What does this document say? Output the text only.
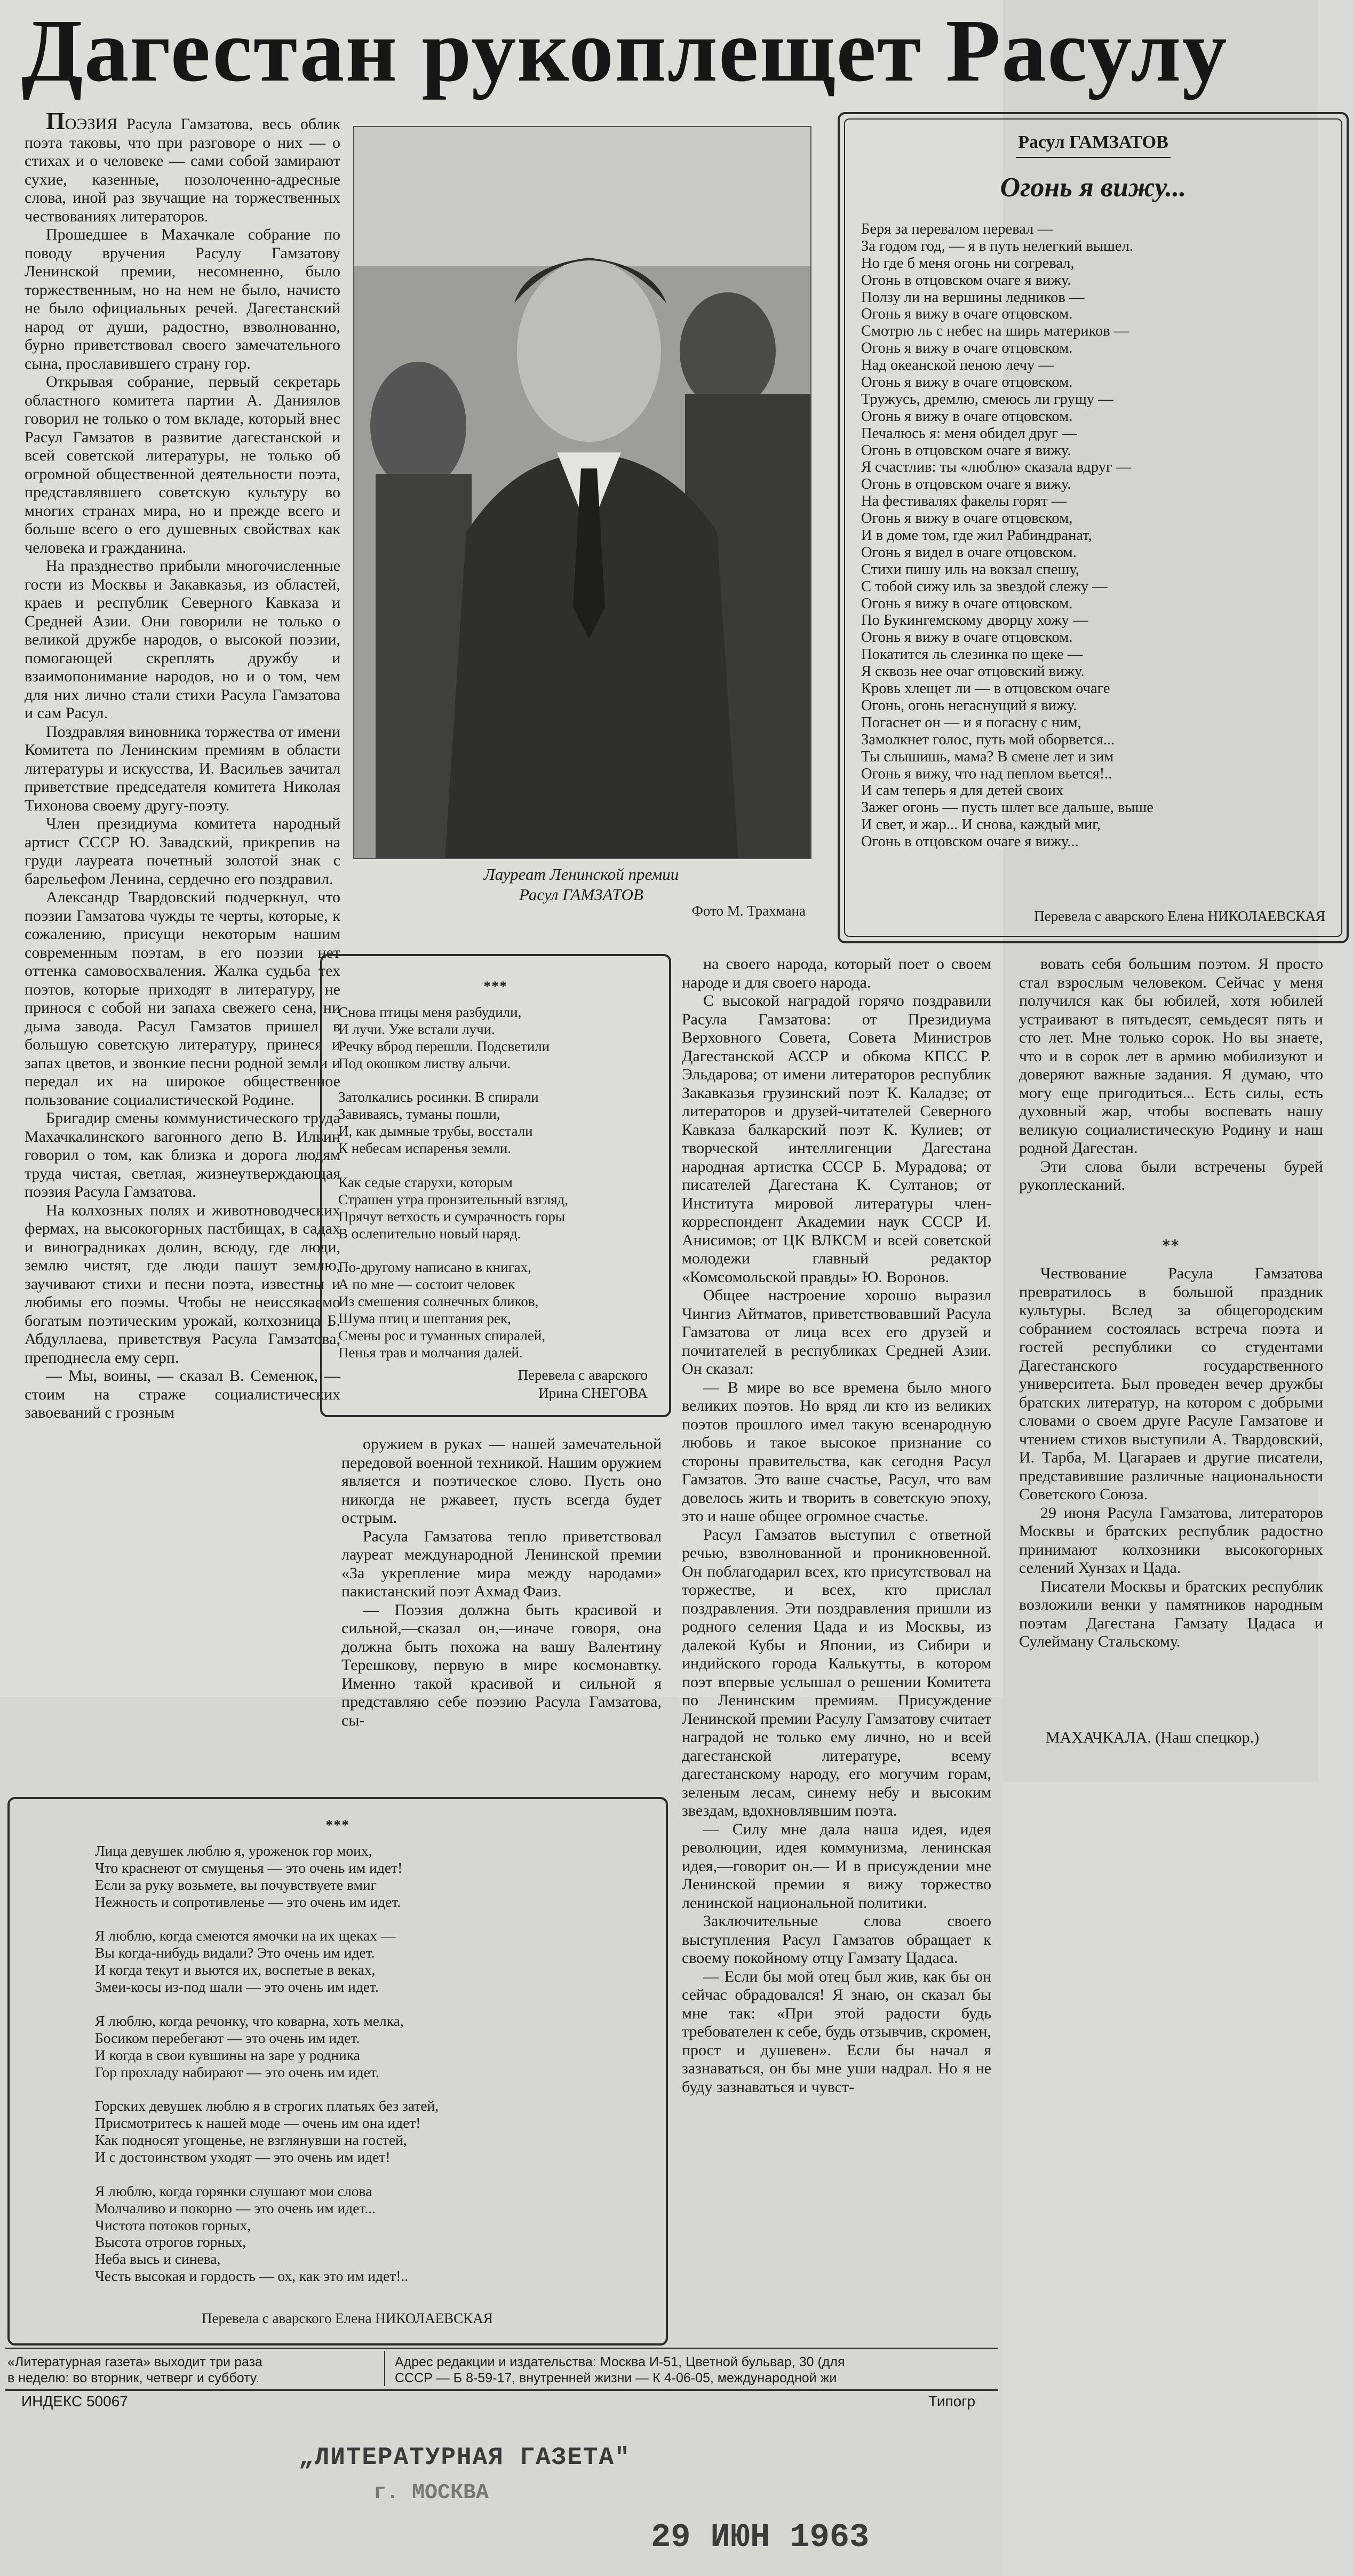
Дагестан рукоплещет Расулу

ПОЭЗИЯ Расула Гамзатова, весь облик поэта таковы, что при разговоре о них — о стихах и о человеке — сами собой замирают сухие, казенные, позолоченно-адресные слова, иной раз звучащие на торжественных чествованиях литераторов.

Прошедшее в Махачкале собрание по поводу вручения Расулу Гамзатову Ленинской премии, несомненно, было торжественным, но на нем не было, начисто не было официальных речей. Дагестанский народ от души, радостно, взволнованно, бурно приветствовал своего замечательного сына, прославившего страну гор.

Открывая собрание, первый секретарь областного комитета партии А. Даниялов говорил не только о том вкладе, который внес Расул Гамзатов в развитие дагестанской и всей советской литературы, не только об огромной общественной деятельности поэта, представлявшего советскую культуру во многих странах мира, но и прежде всего и больше всего о его душевных свойствах как человека и гражданина.

На празднество прибыли многочисленные гости из Москвы и Закавказья, из областей, краев и республик Северного Кавказа и Средней Азии. Они говорили не только о великой дружбе народов, о высокой поэзии, помогающей скреплять дружбу и взаимопонимание народов, но и о том, чем для них лично стали стихи Расула Гамзатова и сам Расул.

Поздравляя виновника торжества от имени Комитета по Ленинским премиям в области литературы и искусства, И. Васильев зачитал приветствие председателя комитета Николая Тихонова своему другу-поэту.

Член президиума комитета народный артист СССР Ю. Завадский, прикрепив на груди лауреата почетный золотой знак с барельефом Ленина, сердечно его поздравил.

Александр Твардовский подчеркнул, что поэзии Гамзатова чужды те черты, которые, к сожалению, присущи некоторым нашим современным поэтам, в его поэзии нет оттенка самовосхваления. Жалка судьба тех поэтов, которые приходят в литературу, не принося с собой ни запаха свежего сена, ни дыма завода. Расул Гамзатов пришел в большую советскую литературу, принеся и запах цветов, и звонкие песни родной земли и передал их на широкое общественное пользование социалистической Родине.

Бригадир смены коммунистического труда Махачкалинского вагонного депо В. Ильин говорил о том, как близка и дорога людям труда чистая, светлая, жизнеутверждающая поэзия Расула Гамзатова.

На колхозных полях и животноводческих фермах, на высокогорных пастбищах, в садах и виноградниках долин, всюду, где люди, землю чистят, где люди пашут землю, заучивают стихи и песни поэта, известны и любимы его поэмы. Чтобы не неиссякаемо богатым поэтическим урожай, колхозница Б. Абдуллаева, приветствуя Расула Гамзатова, преподнесла ему серп.

— Мы, воины, — сказал В. Семенюк, — стоим на страже социалистических завоеваний с грозным

Лауреат Ленинской премии
Расул ГАМЗАТОВ
Фото М. Трахмана
Расул ГАМЗАТОВ
Огонь я вижу...
Беря за перевалом перевал —
За годом год, — я в путь нелегкий вышел.
Но где б меня огонь ни согревал,
Огонь в отцовском очаге я вижу.
Ползу ли на вершины ледников —
Огонь я вижу в очаге отцовском.
Смотрю ль с небес на ширь материков —
Огонь я вижу в очаге отцовском.
Над океанской пеною лечу —
Огонь я вижу в очаге отцовском.
Тружусь, дремлю, смеюсь ли грущу —
Огонь я вижу в очаге отцовском.
Печалюсь я: меня обидел друг —
Огонь в отцовском очаге я вижу.
Я счастлив: ты «люблю» сказала вдруг —
Огонь в отцовском очаге я вижу.
На фестивалях факелы горят —
Огонь я вижу в очаге отцовском,
И в доме том, где жил Рабиндранат,
Огонь я видел в очаге отцовском.
Стихи пишу иль на вокзал спешу,
С тобой сижу иль за звездой слежу —
Огонь я вижу в очаге отцовском.
По Букингемскому дворцу хожу —
Огонь я вижу в очаге отцовском.
Покатится ль слезинка по щеке —
Я сквозь нее очаг отцовский вижу.
Кровь хлещет ли — в отцовском очаге
Огонь, огонь негаснущий я вижу.
Погаснет он — и я погасну с ним,
Замолкнет голос, путь мой оборвется...
Ты слышишь, мама? В смене лет и зим
Огонь я вижу, что над пеплом вьется!..
И сам теперь я для детей своих
Зажег огонь — пусть шлет все дальше, выше
И свет, и жар... И снова, каждый миг,
Огонь в отцовском очаге я вижу...
Перевела с аварского Елена НИКОЛАЕВСКАЯ
***
Снова птицы меня разбудили,
И лучи. Уже встали лучи.
Речку вброд перешли. Подсветили
Под окошком листву алычи.
Затолкались росинки. В спирали
Завиваясь, туманы пошли,
И, как дымные трубы, восстали
К небесам испаренья земли.
Как седые старухи, которым
Страшен утра пронзительный взгляд,
Прячут ветхость и сумрачность горы
В ослепительно новый наряд.
По-другому написано в книгах,
А по мне — состоит человек
Из смешения солнечных бликов,
Шума птиц и шептания рек,
Смены рос и туманных спиралей,
Пенья трав и молчания далей.
Перевела с аварского
Ирина СНЕГОВА

оружием в руках — нашей замечательной передовой военной техникой. Нашим оружием является и поэтическое слово. Пусть оно никогда не ржавеет, пусть всегда будет острым.

Расула Гамзатова тепло приветствовал лауреат международной Ленинской премии «За укрепление мира между народами» пакистанский поэт Ахмад Фаиз.

— Поэзия должна быть красивой и сильной,—сказал он,—иначе говоря, она должна быть похожа на вашу Валентину Терешкову, первую в мире космонавтку. Именно такой красивой и сильной я представляю себе поэзию Расула Гамзатова, сы-

на своего народа, который поет о своем народе и для своего народа.

С высокой наградой горячо поздравили Расула Гамзатова: от Президиума Верховного Совета, Совета Министров Дагестанской АССР и обкома КПСС Р. Эльдарова; от имени литераторов республик Закавказья грузинский поэт К. Каладзе; от литераторов и друзей-читателей Северного Кавказа балкарский поэт К. Кулиев; от творческой интеллигенции Дагестана народная артистка СССР Б. Мурадова; от писателей Дагестана К. Султанов; от Института мировой литературы член-корреспондент Академии наук СССР И. Анисимов; от ЦК ВЛКСМ и всей советской молодежи главный редактор «Комсомольской правды» Ю. Воронов.

Общее настроение хорошо выразил Чингиз Айтматов, приветствовавший Расула Гамзатова от лица всех его друзей и почитателей в республиках Средней Азии. Он сказал:

— В мире во все времена было много великих поэтов. Но вряд ли кто из великих поэтов прошлого имел такую всенародную любовь и такое высокое признание со стороны правительства, как сегодня Расул Гамзатов. Это ваше счастье, Расул, что вам довелось жить и творить в советскую эпоху, это и наше общее огромное счастье.

Расул Гамзатов выступил с ответной речью, взволнованной и проникновенной. Он поблагодарил всех, кто присутствовал на торжестве, и всех, кто прислал поздравления. Эти поздравления пришли из родного селения Цада и из Москвы, из далекой Кубы и Японии, из Сибири и индийского города Калькутты, в котором поэт впервые услышал о решении Комитета по Ленинским премиям. Присуждение Ленинской премии Расулу Гамзатову считает наградой не только ему лично, но и всей дагестанской литературе, всему дагестанскому народу, его могучим горам, зеленым лесам, синему небу и высоким звездам, вдохновлявшим поэта.

— Силу мне дала наша идея, идея революции, идея коммунизма, ленинская идея,—говорит он.— И в присуждении мне Ленинской премии я вижу торжество ленинской национальной политики.

Заключительные слова своего выступления Расул Гамзатов обращает к своему покойному отцу Гамзату Цадаса.

— Если бы мой отец был жив, как бы он сейчас обрадовался! Я знаю, он сказал бы мне так: «При этой радости будь требователен к себе, будь отзывчив, скромен, прост и душевен». Если бы начал я зазнаваться, он бы мне уши надрал. Но я не буду зазнаваться и чувст-

вовать себя большим поэтом. Я просто стал взрослым человеком. Сейчас у меня получился как бы юбилей, хотя юбилей устраивают в пятьдесят, семьдесят пять и сто лет. Мне только сорок. Но вы знаете, что и в сорок лет в армию мобилизуют и доверяют важные задания. Я думаю, что могу еще пригодиться... Есть силы, есть духовный жар, чтобы воспевать нашу великую социалистическую Родину и наш родной Дагестан.

Эти слова были встречены бурей рукоплесканий.

**

Чествование Расула Гамзатова превратилось в большой праздник культуры. Вслед за общегородским собранием состоялась встреча поэта и гостей республики со студентами Дагестанского государственного университета. Был проведен вечер дружбы братских литератур, на котором с добрыми словами о своем друге Расуле Гамзатове и чтением стихов выступили А. Твардовский, И. Тарба, М. Цагараев и другие писатели, представившие различные национальности Советского Союза.

29 июня Расула Гамзатова, литераторов Москвы и братских республик радостно принимают колхозники высокогорных селений Хунзах и Цада.

Писатели Москвы и братских республик возложили венки у памятников народным поэтам Дагестана Гамзату Цадаса и Сулейману Стальскому.

МАХАЧКАЛА. (Наш спецкор.)
***
Лица девушек люблю я, уроженок гор моих,
Что краснеют от смущенья — это очень им идет!
Если за руку возьмете, вы почувствуете вмиг
Нежность и сопротивленье — это очень им идет.
Я люблю, когда смеются ямочки на их щеках —
Вы когда-нибудь видали? Это очень им идет.
И когда текут и вьются их, воспетые в веках,
Змеи-косы из-под шали — это очень им идет.
Я люблю, когда речонку, что коварна, хоть мелка,
Босиком перебегают — это очень им идет.
И когда в свои кувшины на заре у родника
Гор прохладу набирают — это очень им идет.
Горских девушек люблю я в строгих платьях без затей,
Присмотритесь к нашей моде — очень им она идет!
Как подносят угощенье, не взглянувши на гостей,
И с достоинством уходят — это очень им идет!
Я люблю, когда горянки слушают мои слова
Молчаливо и покорно — это очень им идет...
Чистота потоков горных,
Высота отрогов горных,
Неба высь и синева,
Честь высокая и гордость — ох, как это им идет!..
Перевела с аварского Елена НИКОЛАЕВСКАЯ
«Литературная газета» выходит три раза
в неделю: во вторник, четверг и субботу.
Адрес редакции и издательства: Москва И-51, Цветной бульвар, 30 (для
СССР — Б 8-59-17, внутренней жизни — К 4-06-05, международной жи
ИНДЕКС 50067	Типогр
„ЛИТЕРАТУРНАЯ ГАЗЕТА"
г. МОСКВА
29 ИЮН 1963
